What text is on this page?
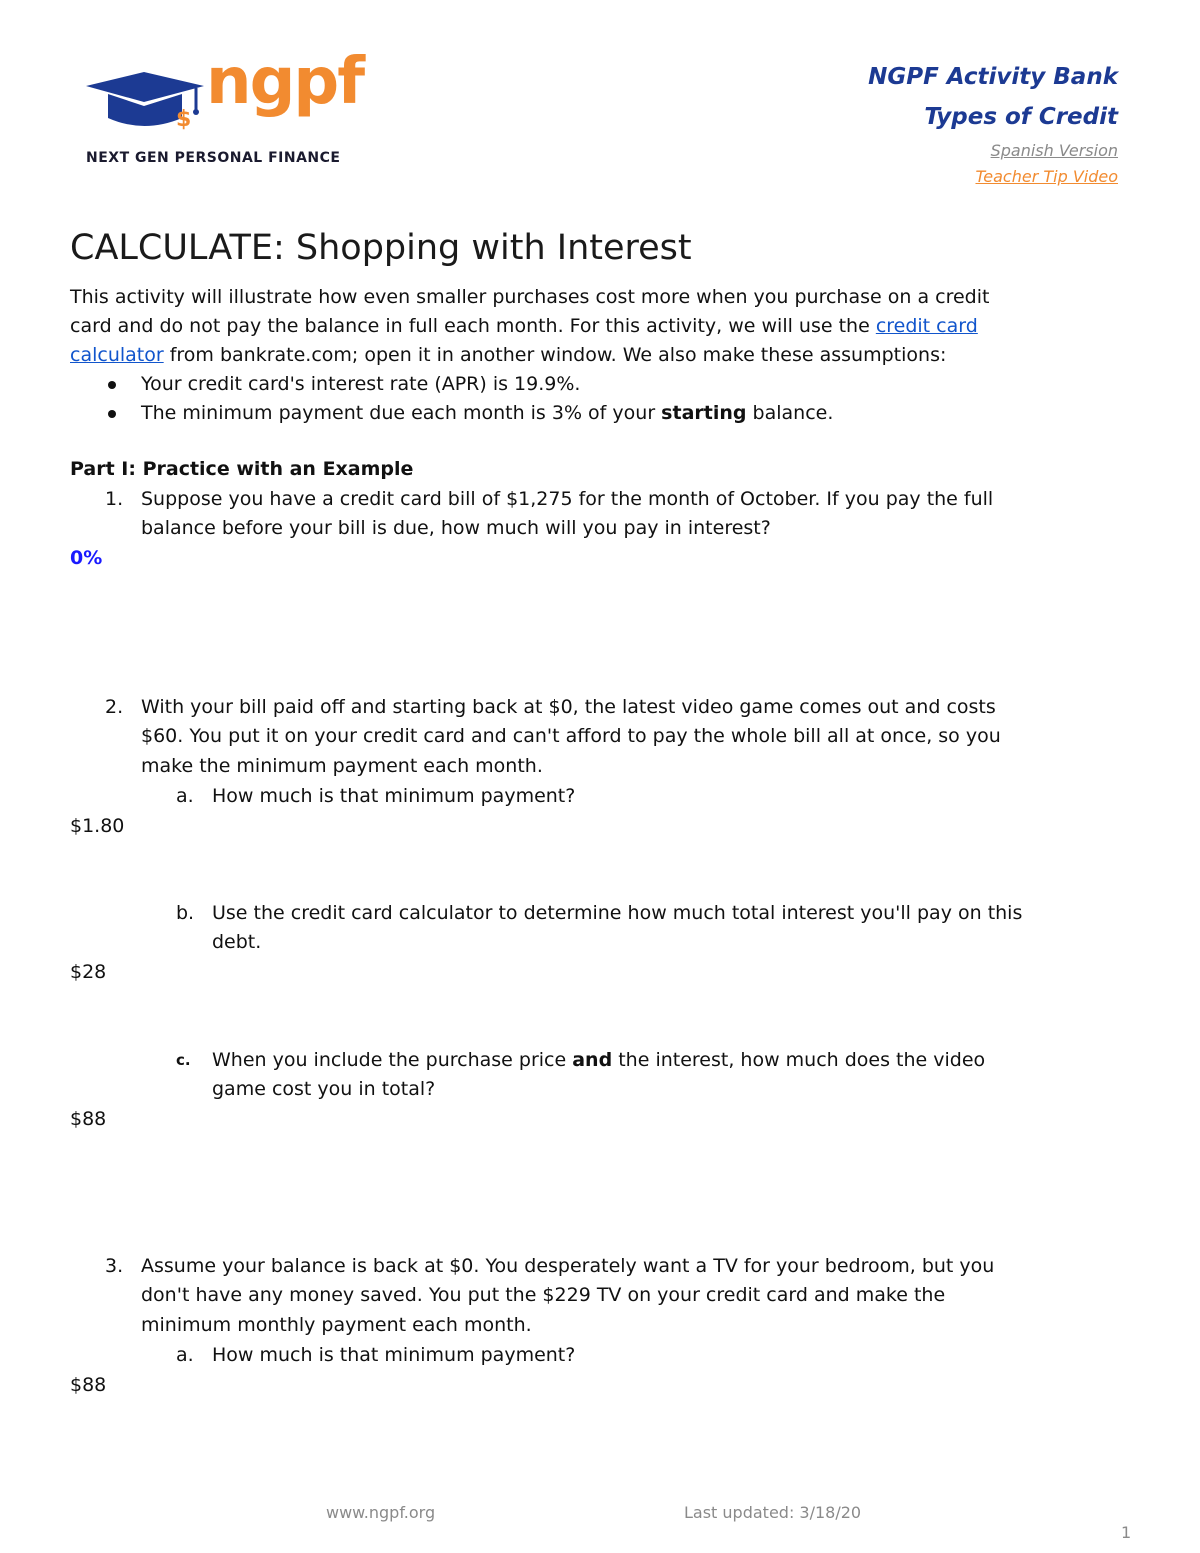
$
ngpf
NEXT GEN PERSONAL FINANCE
NGPF Activity Bank
Types of Credit
Spanish Version
Teacher Tip Video
CALCULATE: Shopping with Interest
This activity will illustrate how even smaller purchases cost more when you purchase on a credit
card and do not pay the balance in full each month. For this activity, we will use the credit card
calculator from bankrate.com; open it in another window. We also make these assumptions:
Your credit card's interest rate (APR) is 19.9%.
The minimum payment due each month is 3% of your starting balance.
Part I: Practice with an Example
1. Suppose you have a credit card bill of $1,275 for the month of October. If you pay the full
balance before your bill is due, how much will you pay in interest?
0%
2. With your bill paid off and starting back at $0, the latest video game comes out and costs
$60. You put it on your credit card and can't afford to pay the whole bill all at once, so you
make the minimum payment each month.
a. How much is that minimum payment?
$1.80
b. Use the credit card calculator to determine how much total interest you'll pay on this
debt.
$28
c. When you include the purchase price and the interest, how much does the video
game cost you in total?
$88
3. Assume your balance is back at $0. You desperately want a TV for your bedroom, but you
don't have any money saved. You put the $229 TV on your credit card and make the
minimum monthly payment each month.
a. How much is that minimum payment?
$88
www.ngpf.org	Last updated: 3/18/20
1
